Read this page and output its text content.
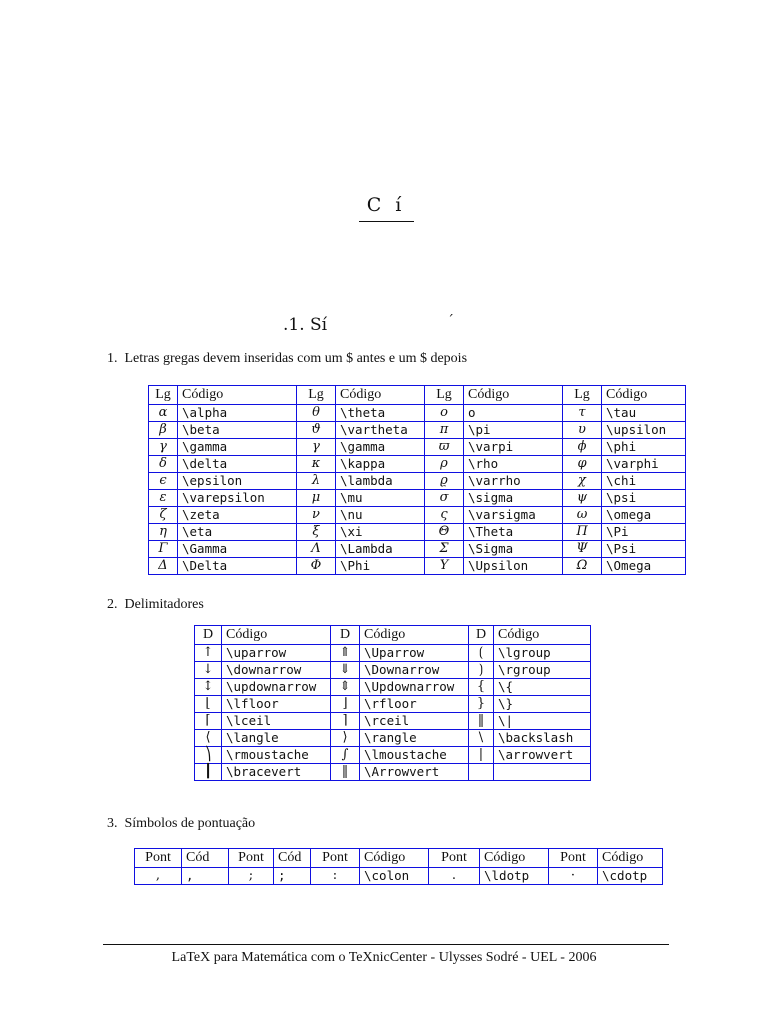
C í
.1. Sí	´
1.  Letras gregas devem inseridas com um $ antes e um $ depois
Lg	Código	Lg	Código	Lg	Código	Lg	Código
α	\alpha	θ	\theta	o	o	τ	\tau
β	\beta	ϑ	\vartheta	π	\pi	υ	\upsilon
γ	\gamma	γ	\gamma	ϖ	\varpi	ϕ	\phi
δ	\delta	κ	\kappa	ρ	\rho	φ	\varphi
ϵ	\epsilon	λ	\lambda	ϱ	\varrho	χ	\chi
ε	\varepsilon	μ	\mu	σ	\sigma	ψ	\psi
ζ	\zeta	ν	\nu	ς	\varsigma	ω	\omega
η	\eta	ξ	\xi	Θ	\Theta	Π	\Pi
Γ	\Gamma	Λ	\Lambda	Σ	\Sigma	Ψ	\Psi
Δ	\Delta	Φ	\Phi	Υ	\Upsilon	Ω	\Omega
2.  Delimitadores
D	Código	D	Código	D	Código
↑	\uparrow	⇑	\Uparrow	⟮	\lgroup
↓	\downarrow	⇓	\Downarrow	⟯	\rgroup
↕	\updownarrow	⇕	\Updownarrow	{	\{
⌊	\lfloor	⌋	\rfloor	}	\}
⌈	\lceil	⌉	\rceil	‖	\|
⟨	\langle	⟩	\rangle	\	\backslash
⎞	\rmoustache	∫	\lmoustache	|	\arrowvert
┃	\bracevert	‖	\Arrowvert		
3.  Símbolos de pontuação
Pont	Cód	Pont	Cód	Pont	Código	Pont	Código	Pont	Código
,	,	;	;	:	\colon	.	\ldotp	·	\cdotp
LaTeX para Matemática com o TeXnicCenter - Ulysses Sodré - UEL - 2006
